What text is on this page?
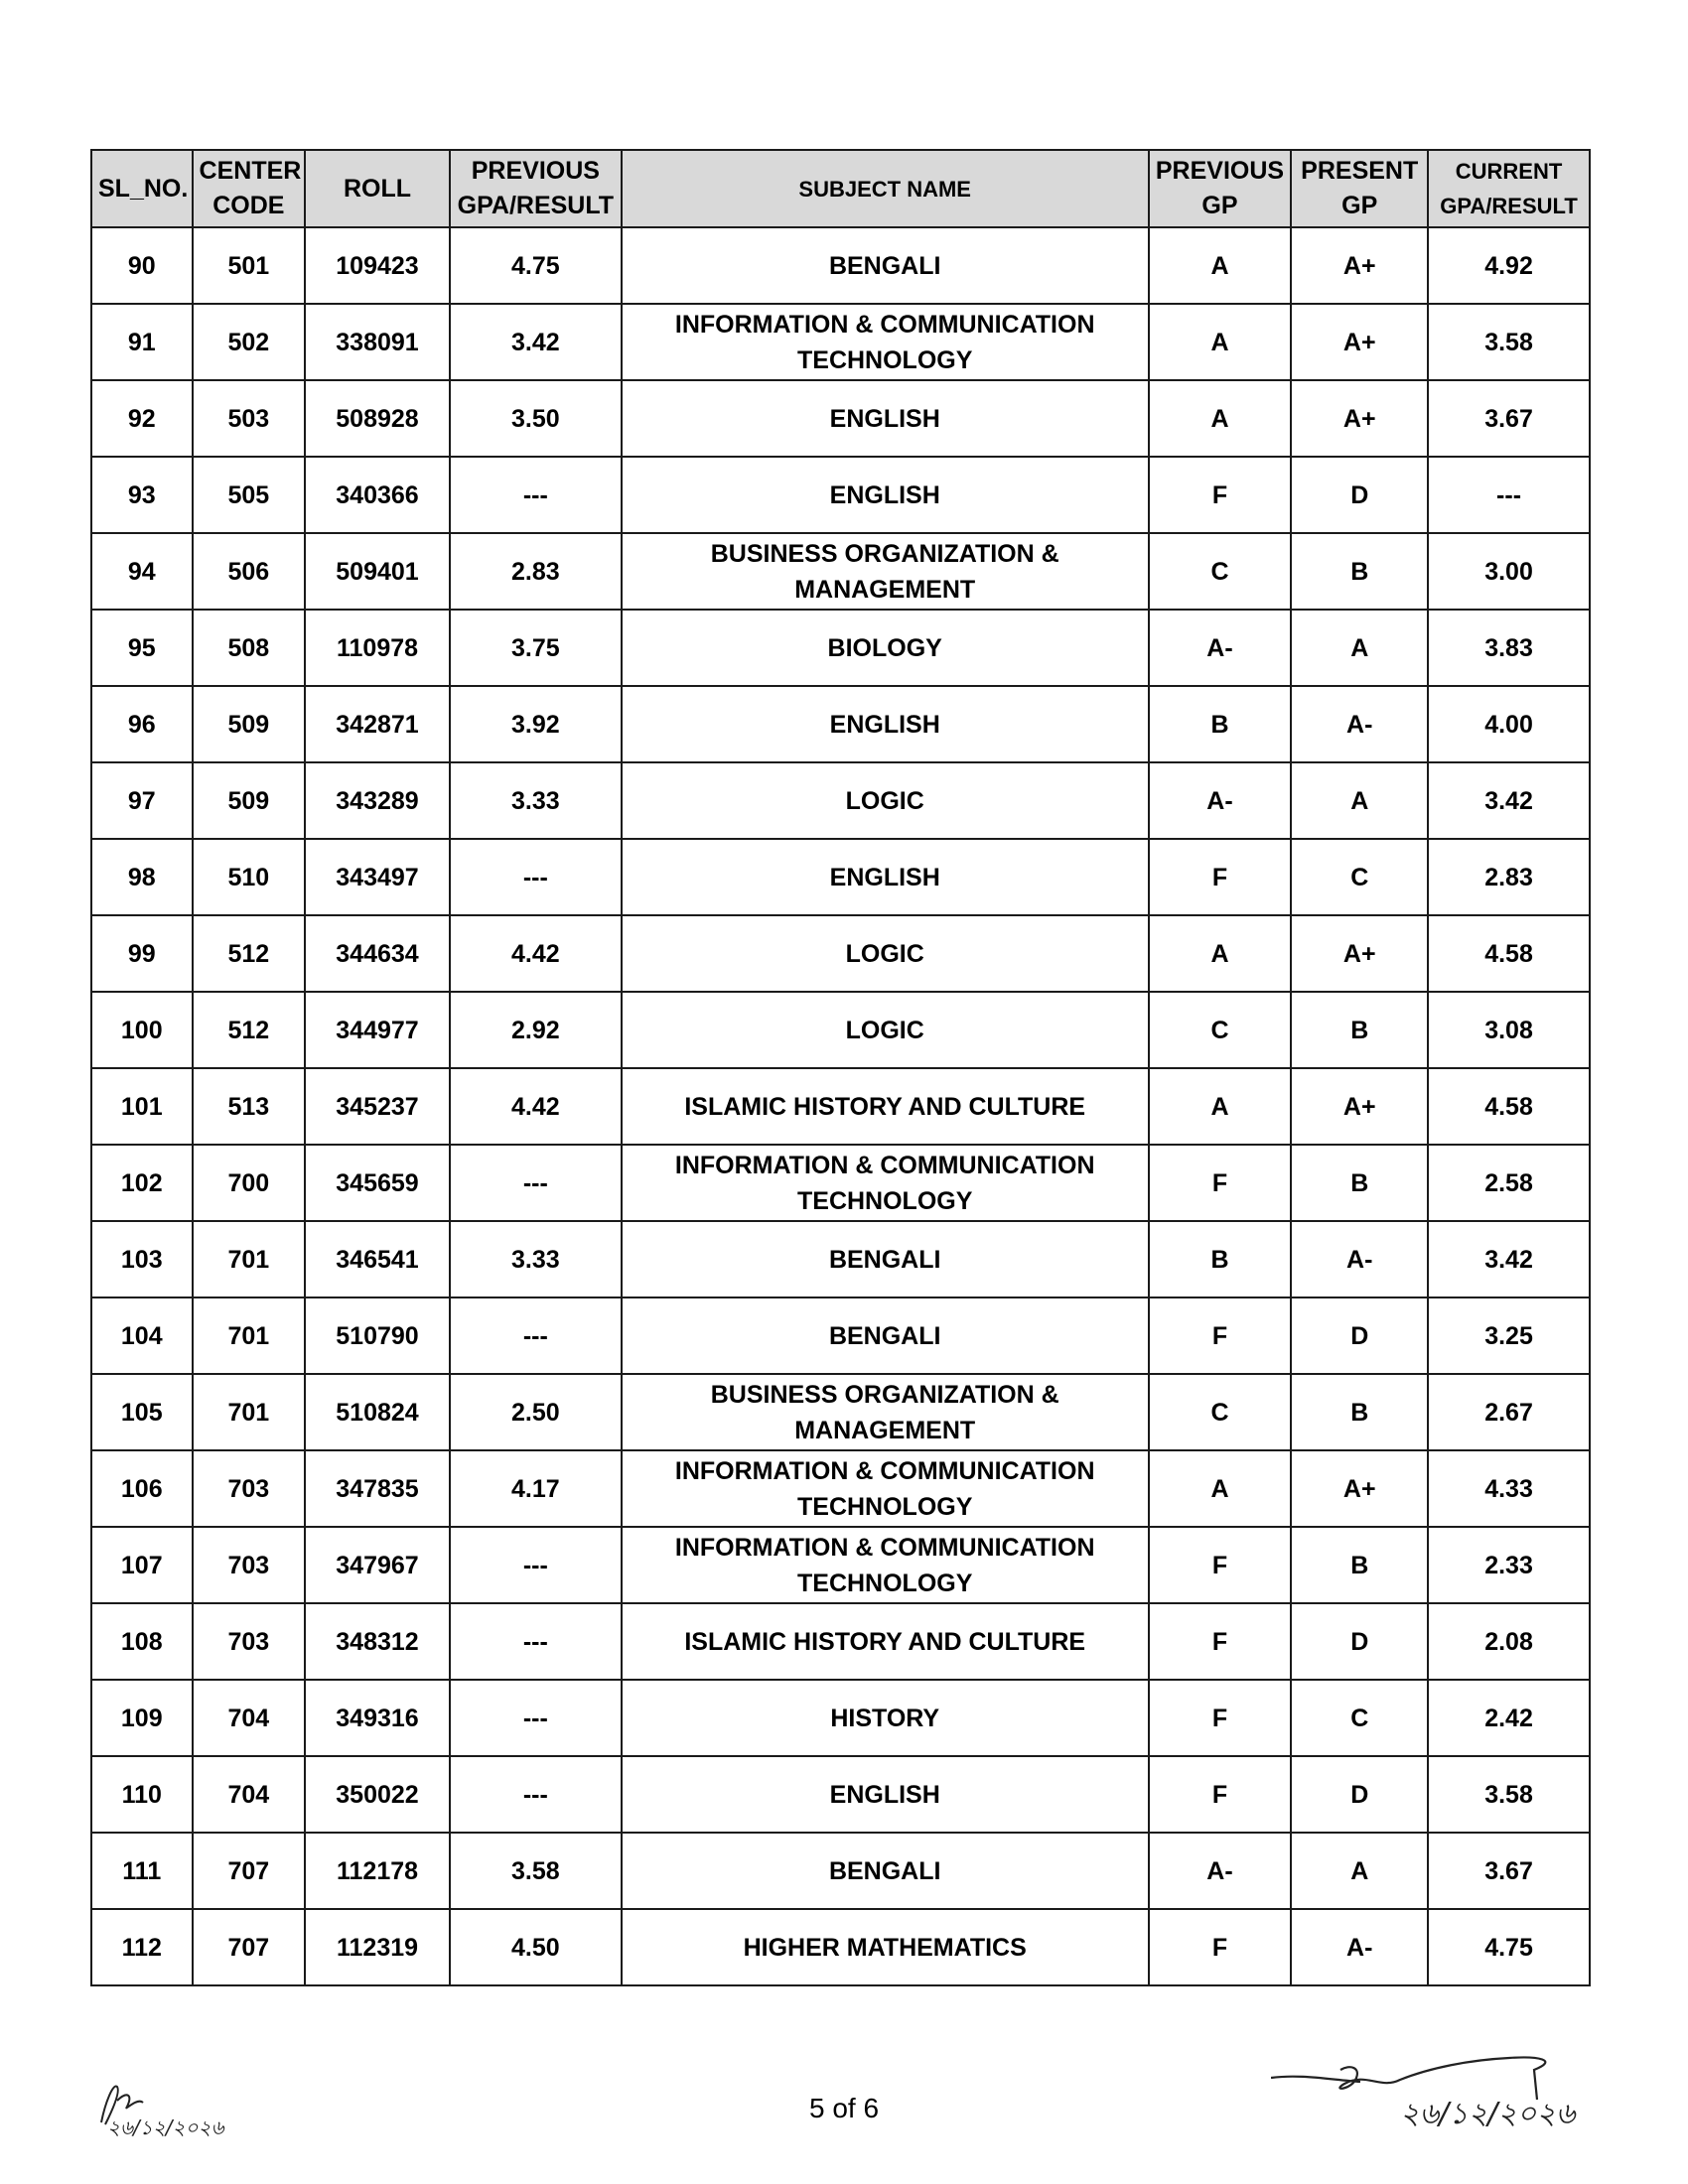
SL_NO.	CENTER CODE	ROLL	PREVIOUS GPA/RESULT	SUBJECT NAME	PREVIOUS GP	PRESENT GP	CURRENT GPA/RESULT
90	501	109423	4.75	BENGALI	A	A+	4.92
91	502	338091	3.42	INFORMATION & COMMUNICATION TECHNOLOGY	A	A+	3.58
92	503	508928	3.50	ENGLISH	A	A+	3.67
93	505	340366	---	ENGLISH	F	D	---
94	506	509401	2.83	BUSINESS ORGANIZATION & MANAGEMENT	C	B	3.00
95	508	110978	3.75	BIOLOGY	A-	A	3.83
96	509	342871	3.92	ENGLISH	B	A-	4.00
97	509	343289	3.33	LOGIC	A-	A	3.42
98	510	343497	---	ENGLISH	F	C	2.83
99	512	344634	4.42	LOGIC	A	A+	4.58
100	512	344977	2.92	LOGIC	C	B	3.08
101	513	345237	4.42	ISLAMIC HISTORY AND CULTURE	A	A+	4.58
102	700	345659	---	INFORMATION & COMMUNICATION TECHNOLOGY	F	B	2.58
103	701	346541	3.33	BENGALI	B	A-	3.42
104	701	510790	---	BENGALI	F	D	3.25
105	701	510824	2.50	BUSINESS ORGANIZATION & MANAGEMENT	C	B	2.67
106	703	347835	4.17	INFORMATION & COMMUNICATION TECHNOLOGY	A	A+	4.33
107	703	347967	---	INFORMATION & COMMUNICATION TECHNOLOGY	F	B	2.33
108	703	348312	---	ISLAMIC HISTORY AND CULTURE	F	D	2.08
109	704	349316	---	HISTORY	F	C	2.42
110	704	350022	---	ENGLISH	F	D	3.58
111	707	112178	3.58	BENGALI	A-	A	3.67
112	707	112319	4.50	HIGHER MATHEMATICS	F	A-	4.75
২৬/১২/২০২৬
5 of 6	২৬/১২/২০২৬
